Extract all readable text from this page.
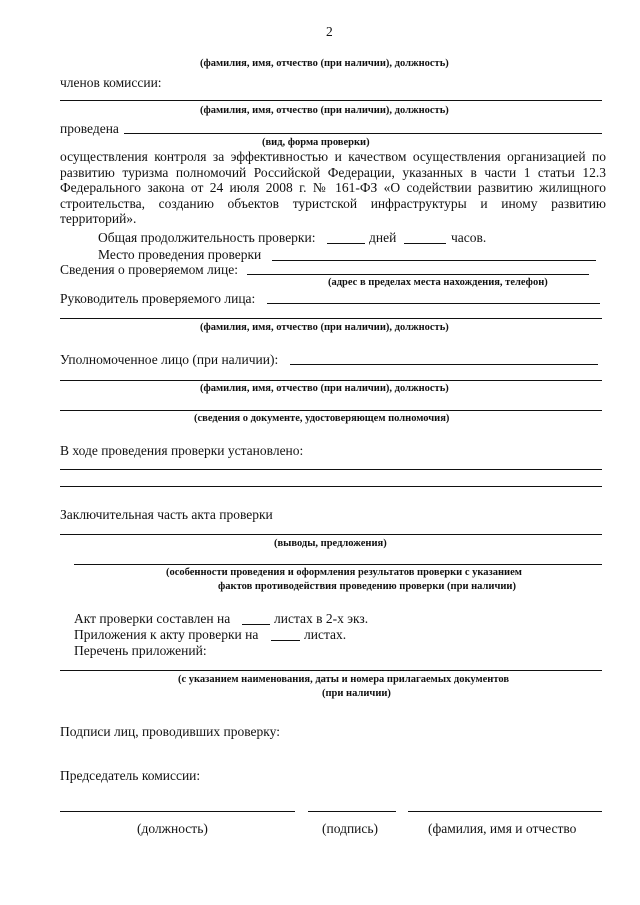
2
(фамилия, имя, отчество (при наличии), должность)
членов комиссии:
(фамилия, имя, отчество (при наличии), должность)
проведена
(вид, форма проверки)
осуществления контроля за эффективностью и качеством осуществления организацией по развитию туризма полномочий Российской Федерации, указанных в части 1 статьи 12.3 Федерального закона от 24 июля 2008 г. № 161-ФЗ «О содействии развитию жилищного строительства, созданию объектов туристской инфраструктуры и иному развитию территорий».
Общая продолжительность проверки:	дней	часов.
Место проведения проверки
Сведения о проверяемом лице:
(адрес в пределах места нахождения, телефон)
Руководитель проверяемого лица:
(фамилия, имя, отчество (при наличии), должность)
Уполномоченное лицо (при наличии):
(фамилия, имя, отчество (при наличии), должность)
(сведения о документе, удостоверяющем полномочия)
В ходе проведения проверки установлено:
Заключительная часть акта проверки
(выводы, предложения)
(особенности проведения и оформления результатов проверки с указанием
фактов противодействия проведению проверки (при наличии)
Акт проверки составлен на	листах в 2-х экз.
Приложения к акту проверки на	листах.
Перечень приложений:
(с указанием наименования, даты и номера прилагаемых документов
(при наличии)
Подписи лиц, проводивших проверку:
Председатель комиссии:
(должность)	(подпись)	(фамилия, имя и отчество
